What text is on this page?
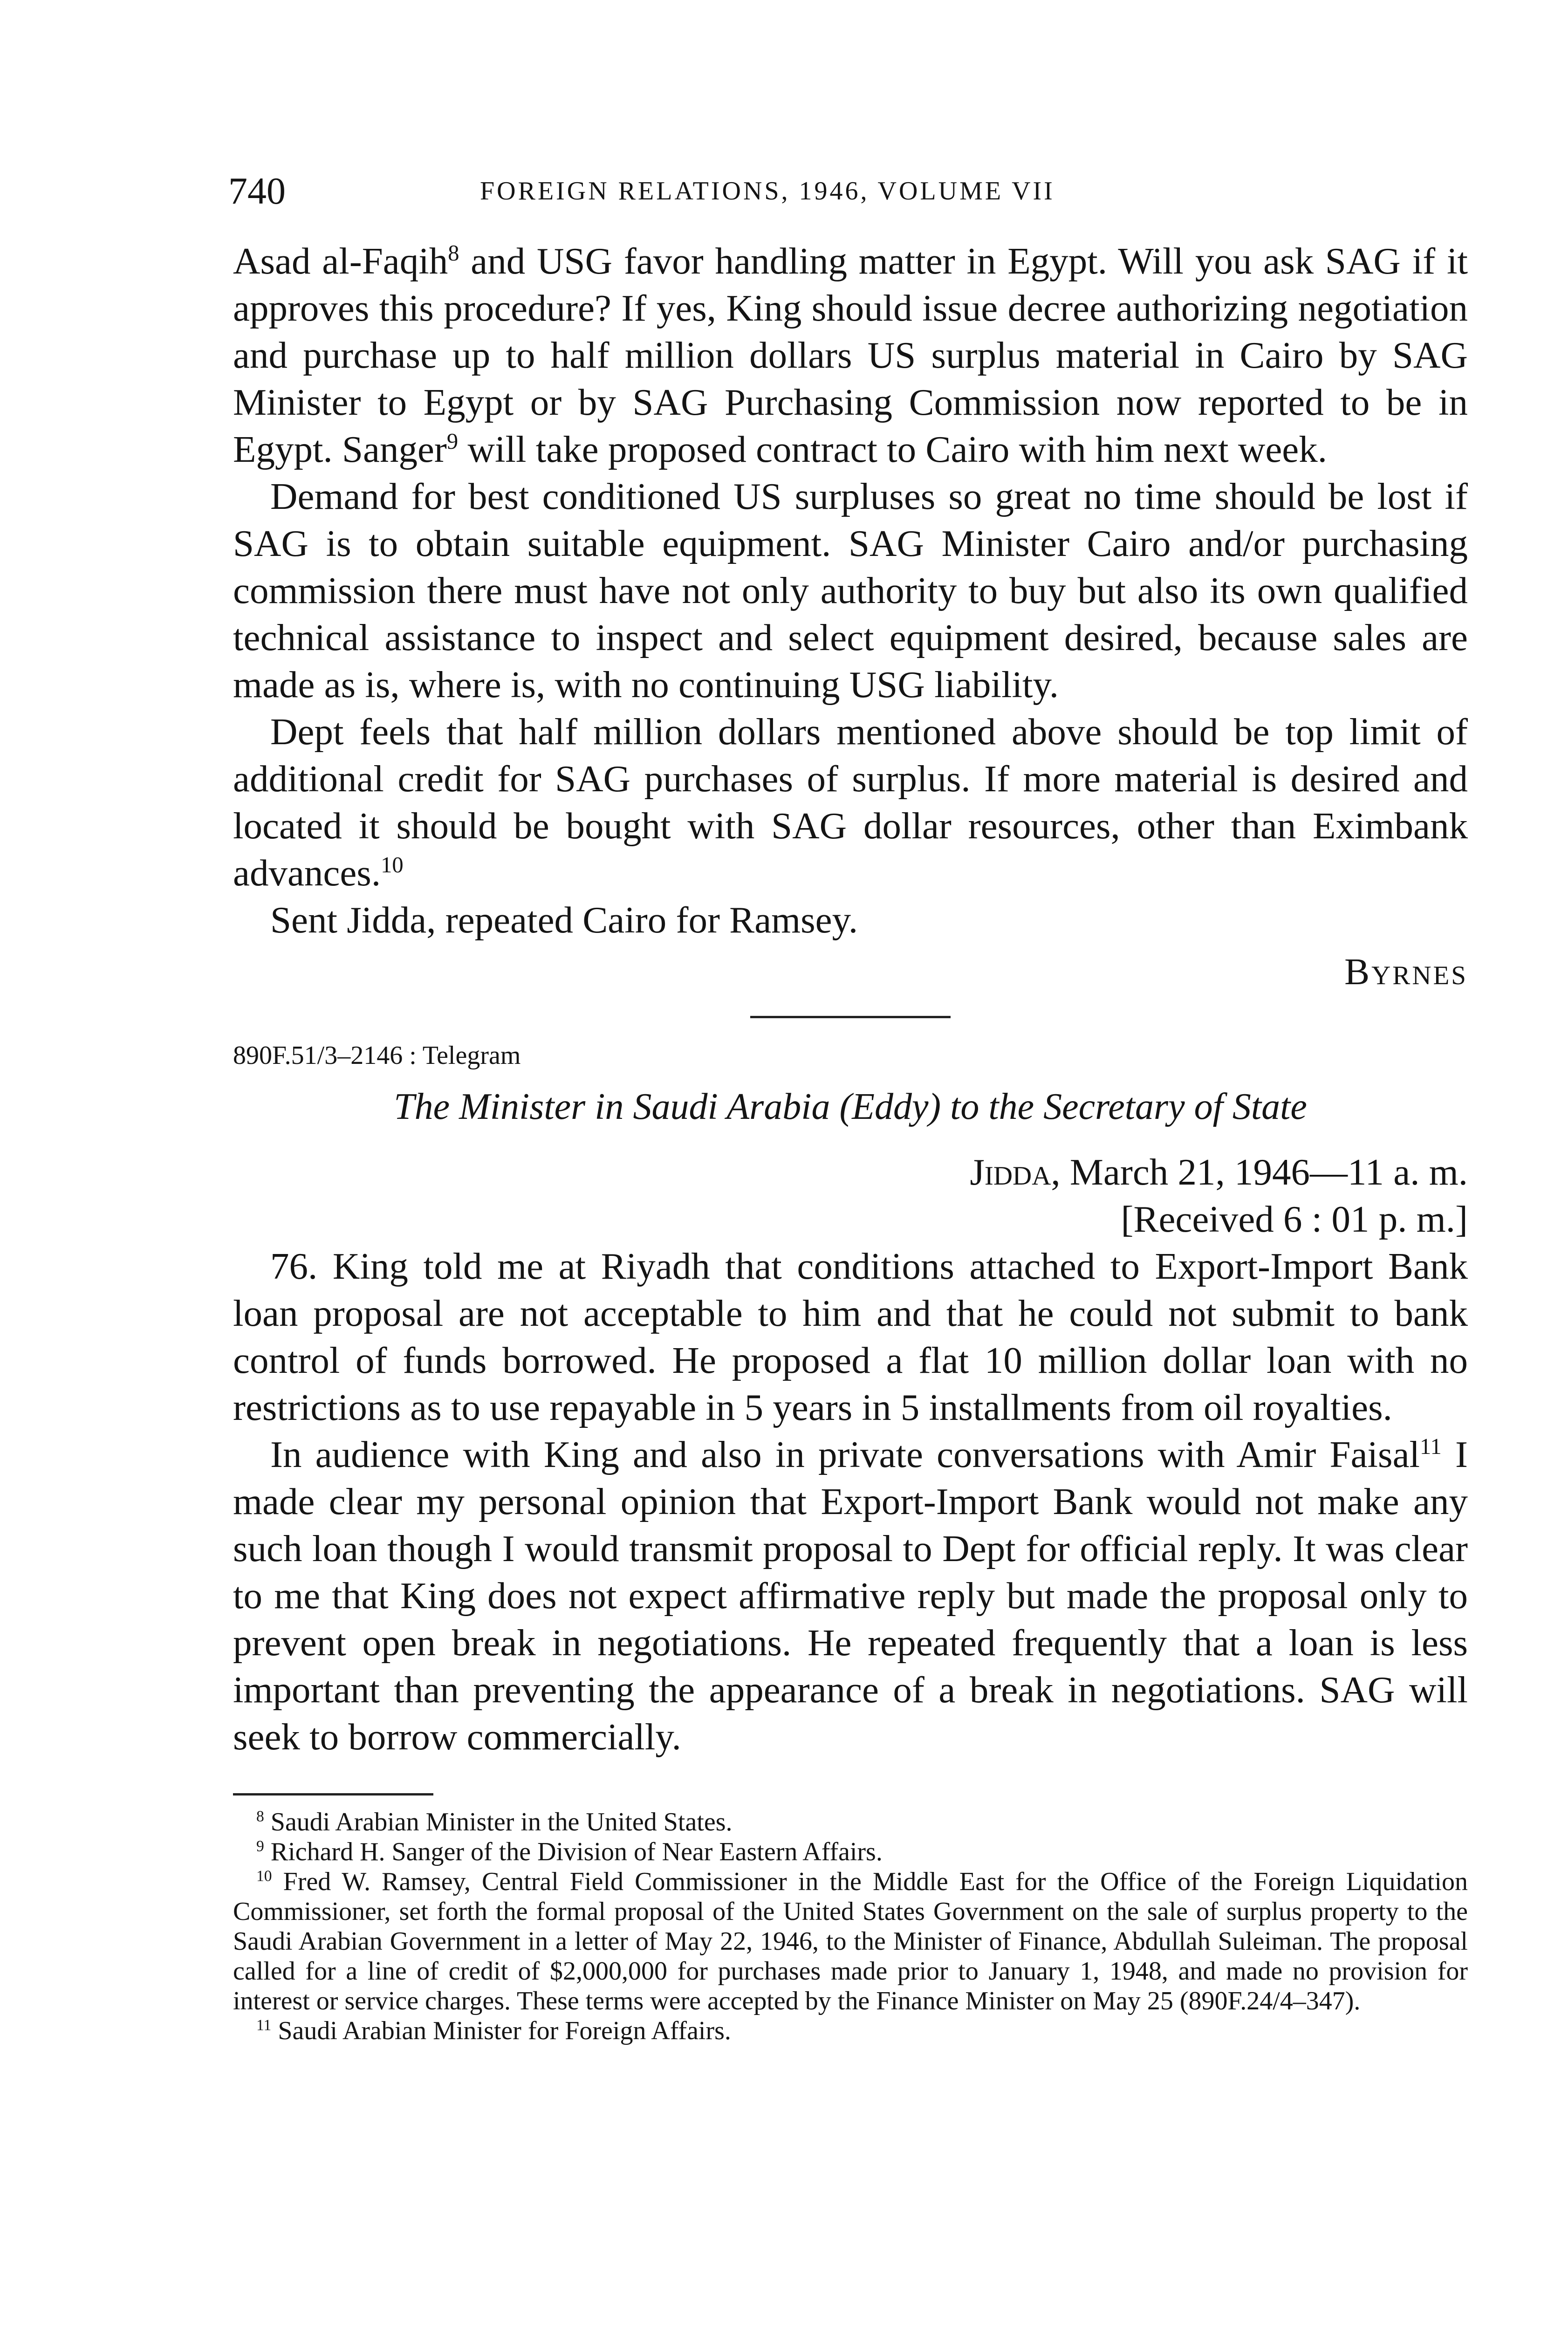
740	FOREIGN RELATIONS, 1946, VOLUME VII

Asad al-Faqih$^8$ and USG favor handling matter in Egypt. Will you ask SAG if it approves this procedure? If yes, King should issue decree authorizing negotiation and purchase up to half million dollars US surplus material in Cairo by SAG Minister to Egypt or by SAG Purchasing Commission now reported to be in Egypt. Sanger$^9$ will take proposed contract to Cairo with him next week.

Demand for best conditioned US surpluses so great no time should be lost if SAG is to obtain suitable equipment. SAG Minister Cairo and/or purchasing commission there must have not only authority to buy but also its own qualified technical assistance to inspect and select equipment desired, because sales are made as is, where is, with no continuing USG liability.

Dept feels that half million dollars mentioned above should be top limit of additional credit for SAG purchases of surplus. If more material is desired and located it should be bought with SAG dollar resources, other than Eximbank advances.$^{10}$

Sent Jidda, repeated Cairo for Ramsey.

Byrnes

890F.51/3–2146 : Telegram

The Minister in Saudi Arabia (Eddy) to the Secretary of State

Jidda, March 21, 1946—11 a. m.

[Received 6 : 01 p. m.]

76. King told me at Riyadh that conditions attached to Export-Import Bank loan proposal are not acceptable to him and that he could not submit to bank control of funds borrowed. He proposed a flat 10 million dollar loan with no restrictions as to use repayable in 5 years in 5 installments from oil royalties.

In audience with King and also in private conversations with Amir Faisal$^{11}$ I made clear my personal opinion that Export-Import Bank would not make any such loan though I would transmit proposal to Dept for official reply. It was clear to me that King does not expect affirmative reply but made the proposal only to prevent open break in negotiations. He repeated frequently that a loan is less important than preventing the appearance of a break in negotiations. SAG will seek to borrow commercially.

$^8$ Saudi Arabian Minister in the United States.

$^9$ Richard H. Sanger of the Division of Near Eastern Affairs.

$^{10}$ Fred W. Ramsey, Central Field Commissioner in the Middle East for the Office of the Foreign Liquidation Commissioner, set forth the formal proposal of the United States Government on the sale of surplus property to the Saudi Arabian Government in a letter of May 22, 1946, to the Minister of Finance, Abdullah Suleiman. The proposal called for a line of credit of $2,000,000 for purchases made prior to January 1, 1948, and made no provision for interest or service charges. These terms were accepted by the Finance Minister on May 25 (890F.24/4–347).

$^{11}$ Saudi Arabian Minister for Foreign Affairs.
